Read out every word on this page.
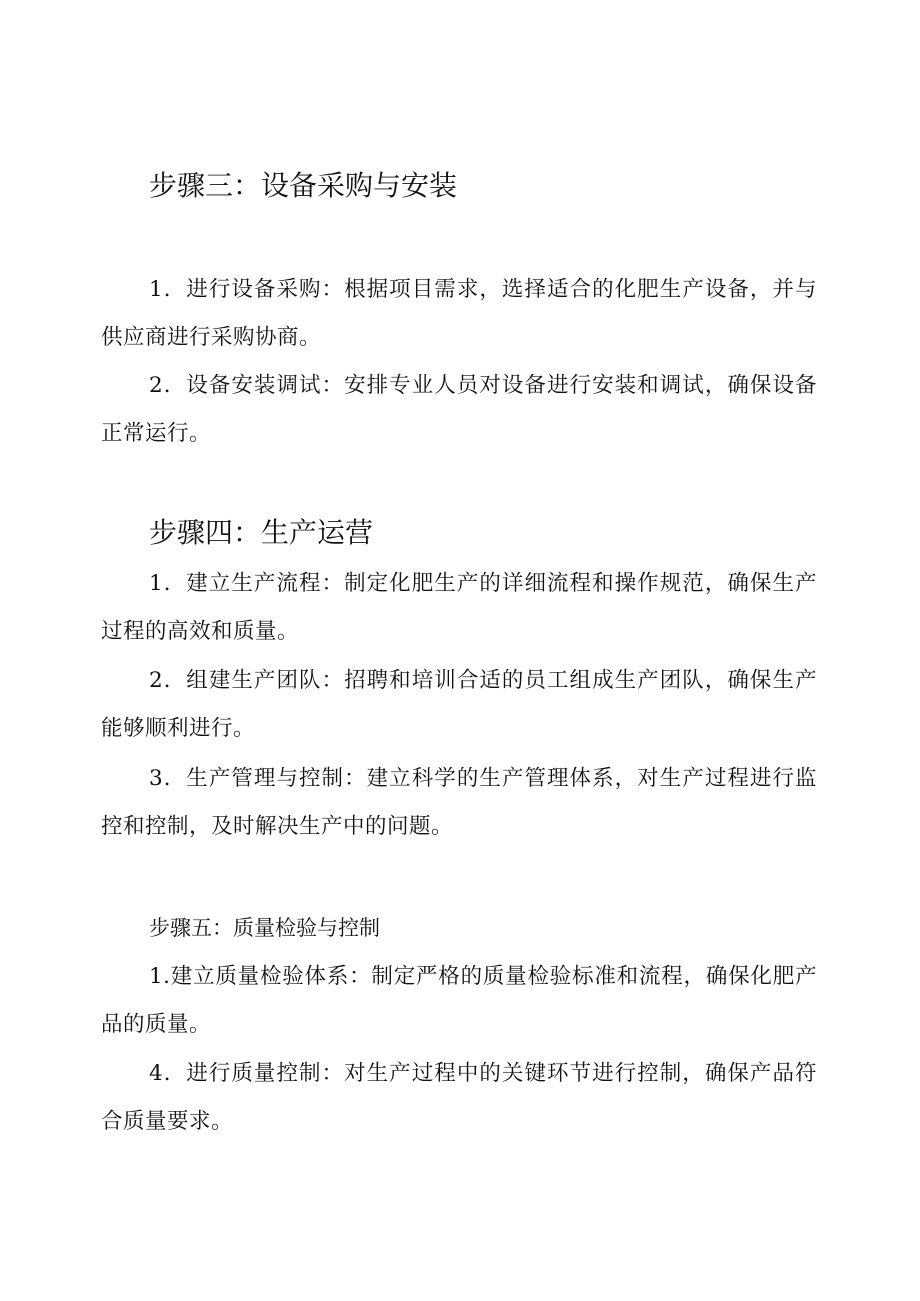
步骤三：设备采购与安装

1．进行设备采购：根据项目需求，选择适合的化肥生产设备，并与供应商进行采购协商。

2．设备安装调试：安排专业人员对设备进行安装和调试，确保设备正常运行。

步骤四：生产运营

1．建立生产流程：制定化肥生产的详细流程和操作规范，确保生产过程的高效和质量。

2．组建生产团队：招聘和培训合适的员工组成生产团队，确保生产能够顺利进行。

3．生产管理与控制：建立科学的生产管理体系，对生产过程进行监控和控制，及时解决生产中的问题。

步骤五：质量检验与控制

1.建立质量检验体系：制定严格的质量检验标准和流程，确保化肥产品的质量。

4．进行质量控制：对生产过程中的关键环节进行控制，确保产品符合质量要求。
